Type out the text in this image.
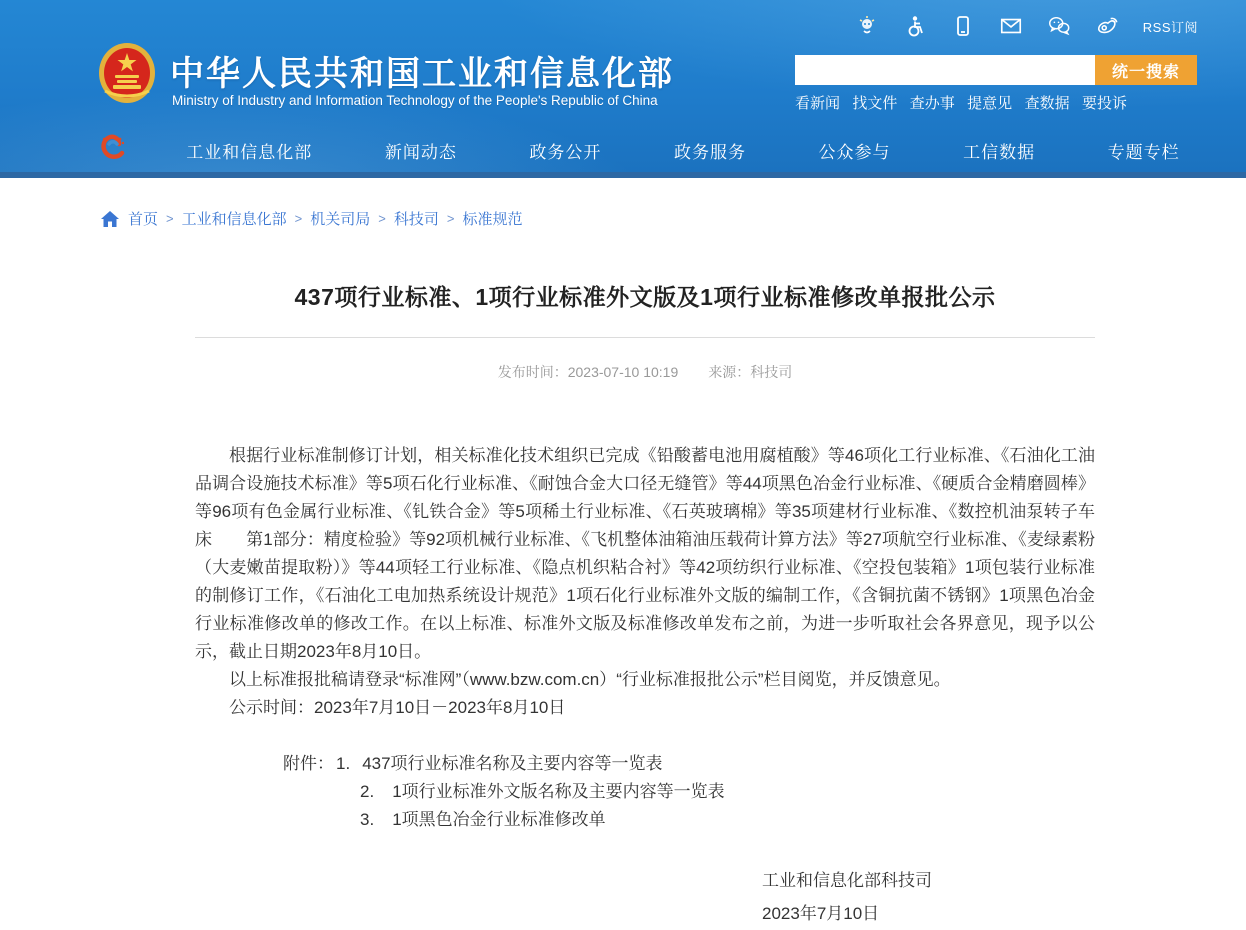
RSS订阅
中华人民共和国工业和信息化部
Ministry of Industry and Information Technology of the People's Republic of China
统一搜索
看新闻 找文件 查办事 提意见 查数据 要投诉
工业和信息化部	新闻动态	政务公开	政务服务	公众参与	工信数据	专题专栏
首页 > 工业和信息化部 > 机关司局 > 科技司 > 标准规范
437项行业标准、1项行业标准外文版及1项行业标准修改单报批公示
发布时间：2023-07-10 10:19 来源：科技司

根据行业标准制修订计划，相关标准化技术组织已完成《铅酸蓄电池用腐植酸》等46项化工行业标准、《石油化工油品调合设施技术标准》等5项石化行业标准、《耐蚀合金大口径无缝管》等44项黑色冶金行业标准、《硬质合金精磨圆棒》等96项有色金属行业标准、《钆铁合金》等5项稀土行业标准、《石英玻璃棉》等35项建材行业标准、《数控机油泵转子车床　　第1部分：精度检验》等92项机械行业标准、《飞机整体油箱油压载荷计算方法》等27项航空行业标准、《麦绿素粉（大麦嫩苗提取粉）》等44项轻工行业标准、《隐点机织粘合衬》等42项纺织行业标准、《空投包装箱》1项包装行业标准的制修订工作，《石油化工电加热系统设计规范》1项石化行业标准外文版的编制工作，《含铜抗菌不锈钢》1项黑色冶金行业标准修改单的修改工作。在以上标准、标准外文版及标准修改单发布之前，为进一步听取社会各界意见，现予以公示，截止日期2023年8月10日。

以上标准报批稿请登录“标准网”（www.bzw.com.cn）“行业标准报批公示”栏目阅览，并反馈意见。

公示时间：2023年7月10日－2023年8月10日

附件： 1. 437项行业标准名称及主要内容等一览表
2. 1项行业标准外文版名称及主要内容等一览表
3. 1项黑色冶金行业标准修改单
工业和信息化部科技司
2023年7月10日
